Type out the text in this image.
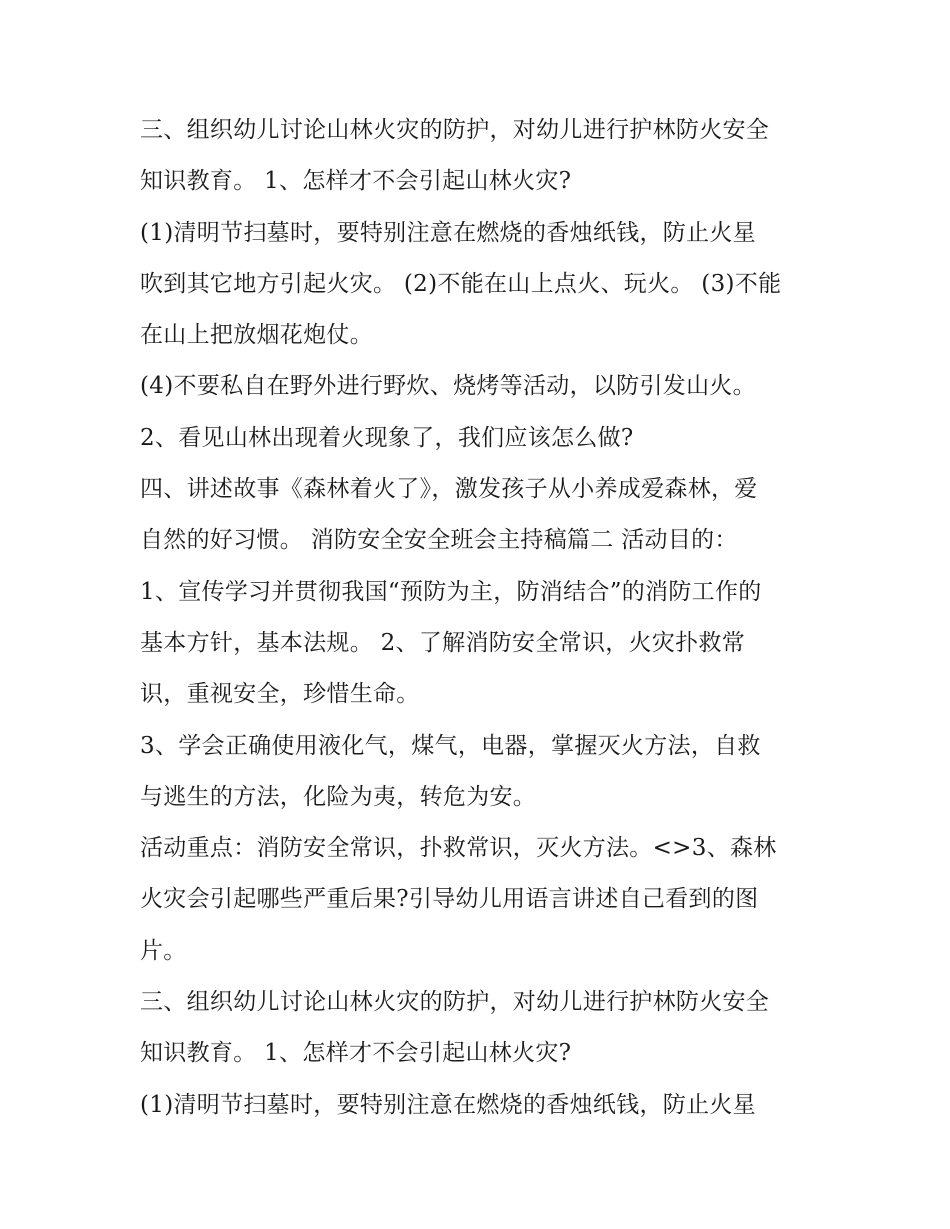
三、组织幼儿讨论山林火灾的防护，对幼儿进行护林防火安全
知识教育。 1、怎样才不会引起山林火灾?
(1)清明节扫墓时，要特别注意在燃烧的香烛纸钱，防止火星
吹到其它地方引起火灾。 (2)不能在山上点火、玩火。 (3)不能
在山上把放烟花炮仗。
(4)不要私自在野外进行野炊、烧烤等活动，以防引发山火。
2、看见山林出现着火现象了，我们应该怎么做?
四、讲述故事《森林着火了》，激发孩子从小养成爱森林，爱
自然的好习惯。 消防安全安全班会主持稿篇二 活动目的：
1、宣传学习并贯彻我国“预防为主，防消结合”的消防工作的
基本方针，基本法规。 2、了解消防安全常识，火灾扑救常
识，重视安全，珍惜生命。
3、学会正确使用液化气，煤气，电器，掌握灭火方法，自救
与逃生的方法，化险为夷，转危为安。
活动重点：消防安全常识，扑救常识，灭火方法。<>3、森林
火灾会引起哪些严重后果?引导幼儿用语言讲述自己看到的图
片。
三、组织幼儿讨论山林火灾的防护，对幼儿进行护林防火安全
知识教育。 1、怎样才不会引起山林火灾?
(1)清明节扫墓时，要特别注意在燃烧的香烛纸钱，防止火星
